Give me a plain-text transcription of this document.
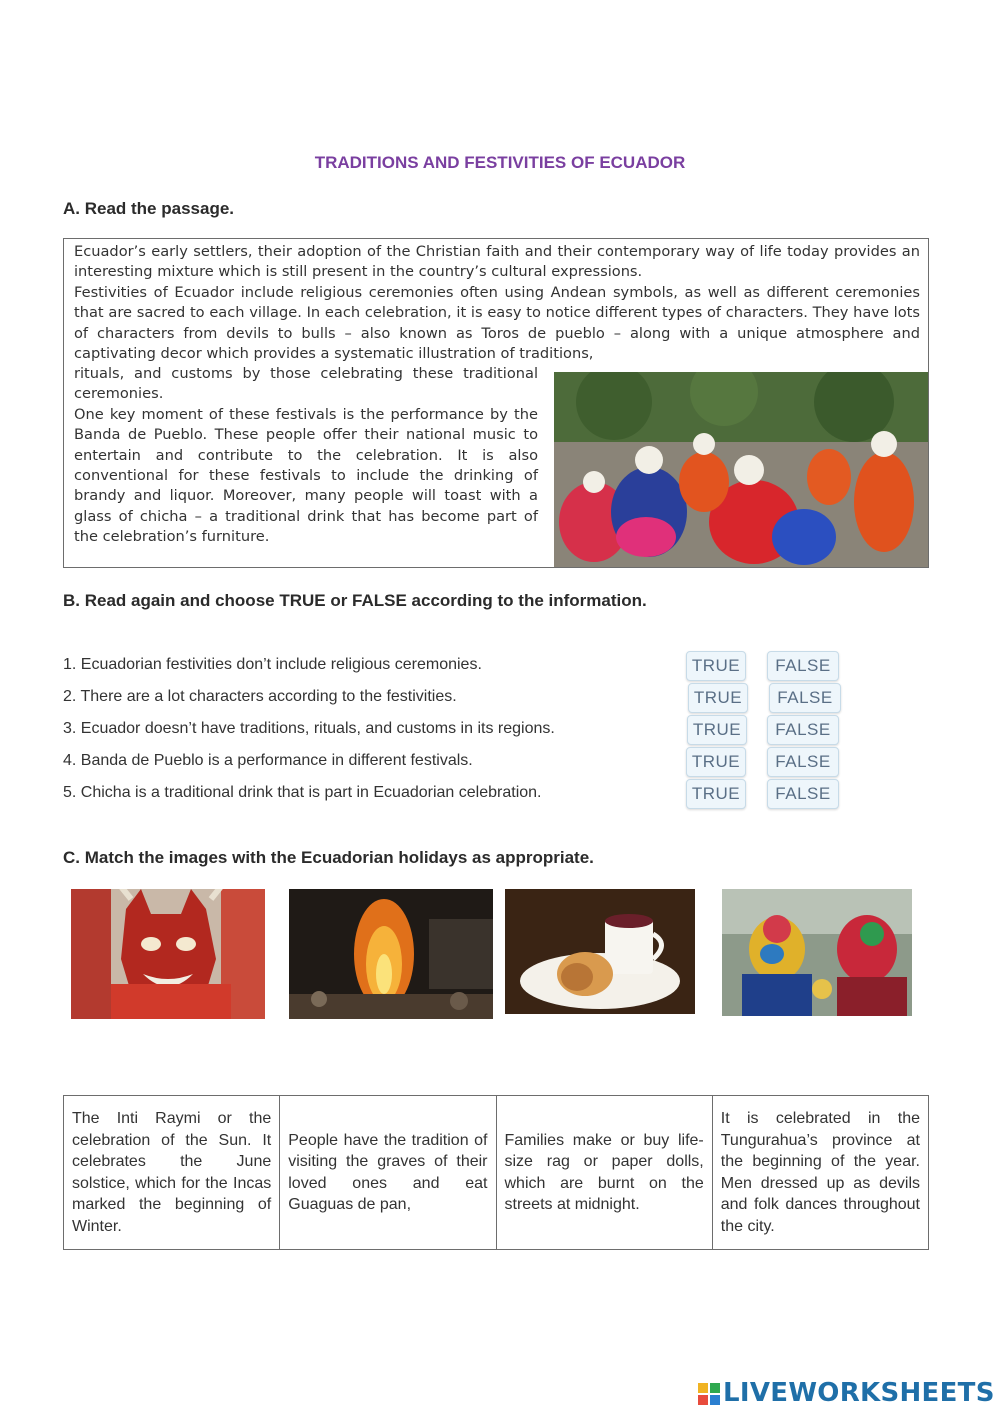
TRADITIONS AND FESTIVITIES OF ECUADOR
A. Read the passage.

Ecuador’s early settlers, their adoption of the Christian faith and their contemporary way of life today provides an interesting mixture which is still present in the country’s cultural expressions.

Festivities of Ecuador include religious ceremonies often using Andean symbols, as well as different ceremonies that are sacred to each village. In each celebration, it is easy to notice different types of characters. They have lots of characters from devils to bulls – also known as Toros de pueblo – along with a unique atmosphere and captivating decor which provides a systematic illustration of traditions,

rituals, and customs by those celebrating these traditional ceremonies.

One key moment of these festivals is the performance by the Banda de Pueblo. These people offer their national music to entertain and contribute to the celebration. It is also conventional for these festivals to include the drinking of brandy and liquor. Moreover, many people will toast with a glass of chicha – a traditional drink that has become part of the celebration’s furniture.

B. Read again and choose TRUE or FALSE according to the information.
1. Ecuadorian festivities don’t include religious ceremonies.	TRUE	FALSE
2. There are a lot characters according to the festivities.	TRUE	FALSE
3. Ecuador doesn’t have traditions, rituals, and customs in its regions.	TRUE	FALSE
4. Banda de Pueblo is a performance in different festivals.	TRUE	FALSE
5. Chicha is a traditional drink that is part in Ecuadorian celebration.	TRUE	FALSE
C. Match the images with the Ecuadorian holidays as appropriate.
The Inti Raymi or the celebration of the Sun. It celebrates the June solstice, which for the Incas marked the beginning of Winter.
People have the tradition of visiting the graves of their loved ones and eat Guaguas de pan,
Families make or buy life-size rag or paper dolls, which are burnt on the streets at midnight.
It is celebrated in the Tungurahua’s province at the beginning of the year. Men dressed up as devils and folk dances throughout the city.
LIVEWORKSHEETS
